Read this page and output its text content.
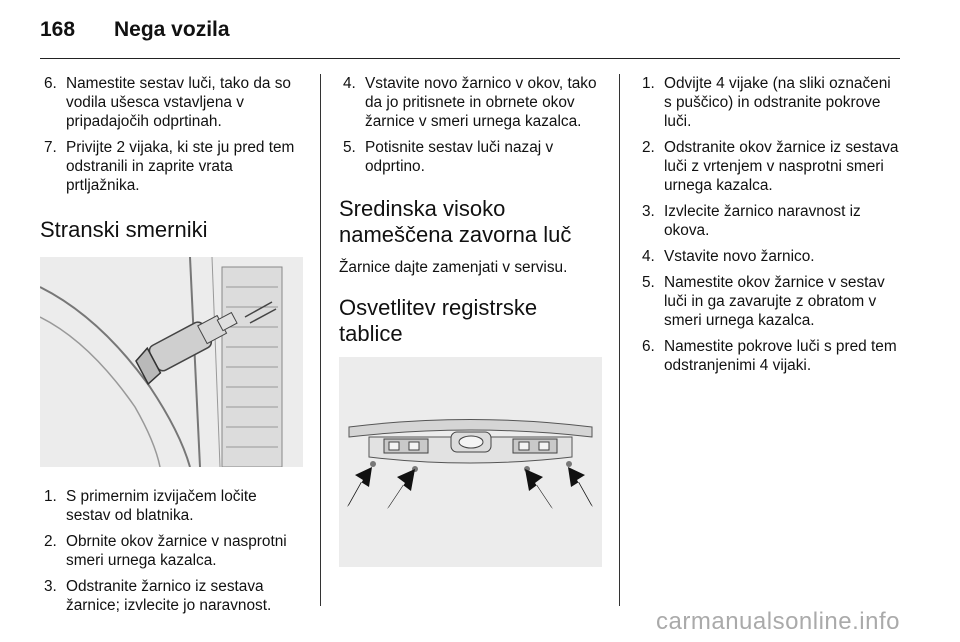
168	Nega vozila
6. Namestite sestav luči, tako da so vodila ušesca vstavljena v pripadajočih odprtinah.
7. Privijte 2 vijaka, ki ste ju pred tem odstranili in zaprite vrata prtljažnika.
Stranski smerniki
1. S primernim izvijačem ločite sestav od blatnika.
2. Obrnite okov žarnice v nasprotni smeri urnega kazalca.
3. Odstranite žarnico iz sestava žarnice; izvlecite jo naravnost.
4. Vstavite novo žarnico v okov, tako da jo pritisnete in obrnete okov žarnice v smeri urnega kazalca.
5. Potisnite sestav luči nazaj v odprtino.
Sredinska visoko nameščena zavorna luč

Žarnice dajte zamenjati v servisu.

Osvetlitev registrske tablice
1. Odvijte 4 vijake (na sliki označeni s puščico) in odstranite pokrove luči.
2. Odstranite okov žarnice iz sestava luči z vrtenjem v nasprotni smeri urnega kazalca.
3. Izvlecite žarnico naravnost iz okova.
4. Vstavite novo žarnico.
5. Namestite okov žarnice v sestav luči in ga zavarujte z obratom v smeri urnega kazalca.
6. Namestite pokrove luči s pred tem odstranjenimi 4 vijaki.
carmanualsonline.info
